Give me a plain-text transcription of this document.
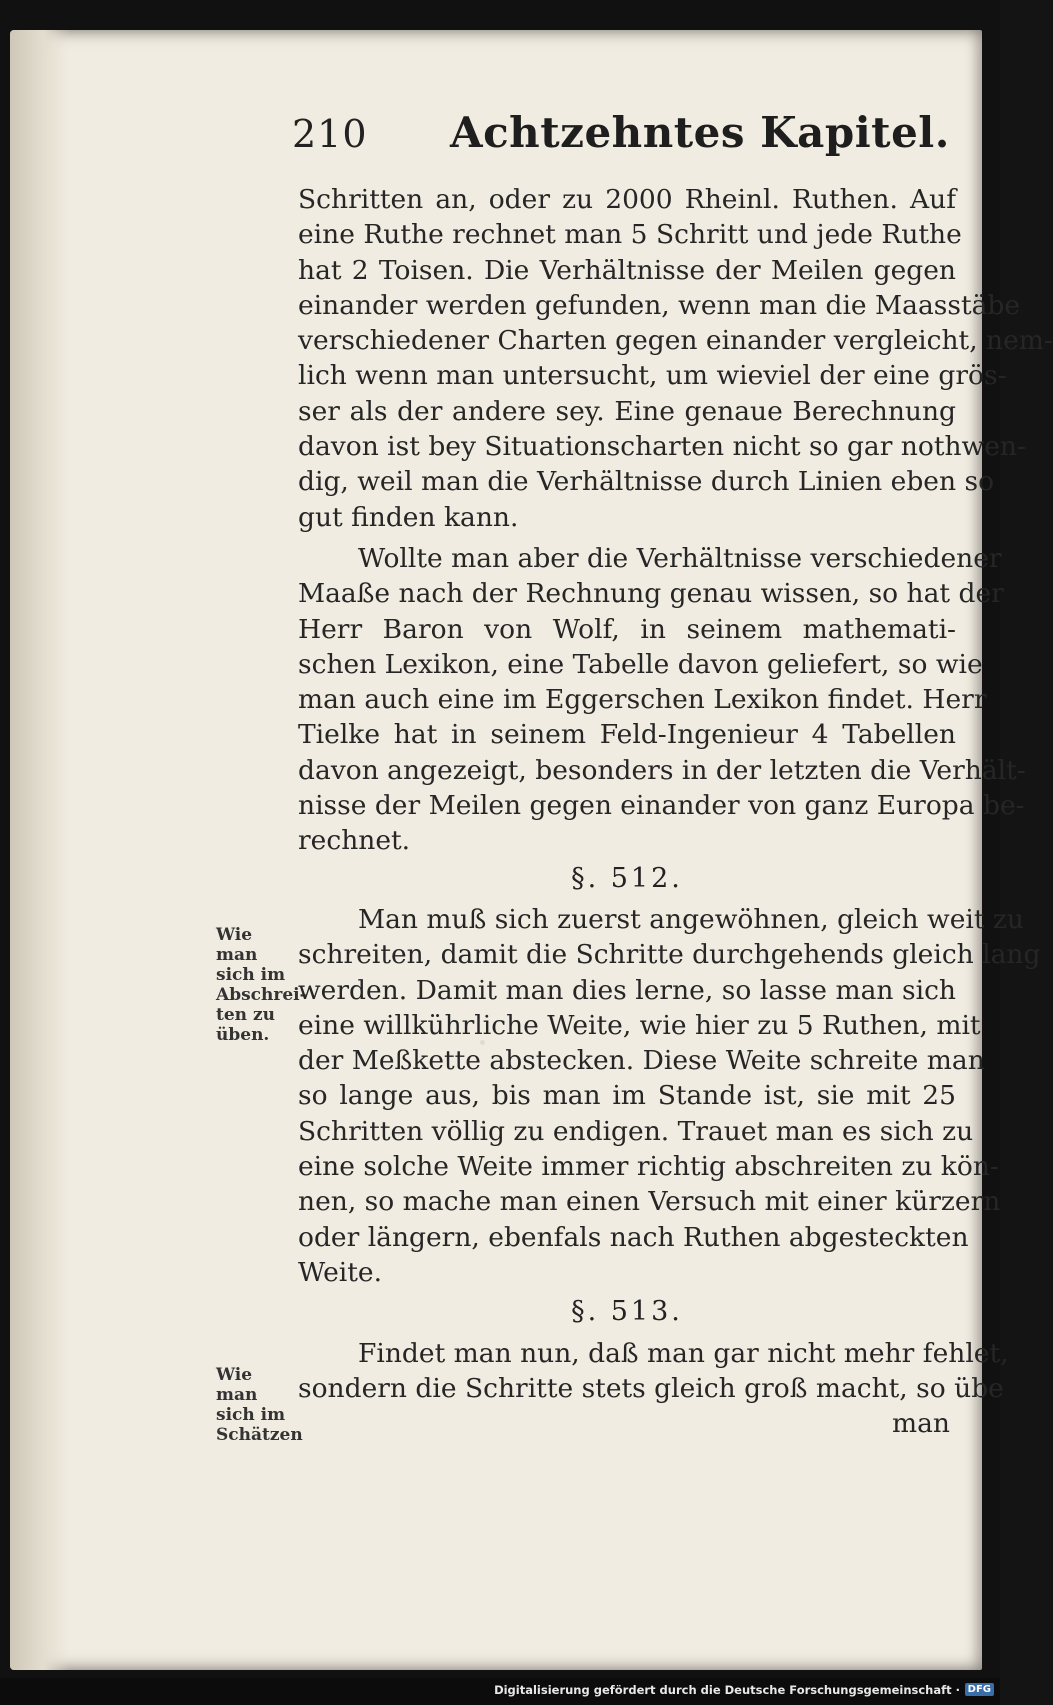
210 Achtzehntes Kapitel.
Wie man
sich im
Abschrei-
ten zu
üben.
Wie man
sich im
Schätzen
Schritten an, oder zu 2000 Rheinl. Ruthen. Auf
eine Ruthe rechnet man 5 Schritt und jede Ruthe
hat 2 Toisen. Die Verhältnisse der Meilen gegen
einander werden gefunden, wenn man die Maasstäbe
verschiedener Charten gegen einander vergleicht, nem-
lich wenn man untersucht, um wieviel der eine grös-
ser als der andere sey. Eine genaue Berechnung
davon ist bey Situationscharten nicht so gar nothwen-
dig, weil man die Verhältnisse durch Linien eben so
gut finden kann.
Wollte man aber die Verhältnisse verschiedener
Maaße nach der Rechnung genau wissen, so hat der
Herr Baron von Wolf, in seinem mathemati-
schen Lexikon, eine Tabelle davon geliefert, so wie
man auch eine im Eggerschen Lexikon findet. Herr
Tielke hat in seinem Feld-Ingenieur 4 Tabellen
davon angezeigt, besonders in der letzten die Verhält-
nisse der Meilen gegen einander von ganz Europa be-
rechnet.
§. 512.
Man muß sich zuerst angewöhnen, gleich weit zu
schreiten, damit die Schritte durchgehends gleich lang
werden. Damit man dies lerne, so lasse man sich
eine willkührliche Weite, wie hier zu 5 Ruthen, mit
der Meßkette abstecken. Diese Weite schreite man
so lange aus, bis man im Stande ist, sie mit 25
Schritten völlig zu endigen. Trauet man es sich zu
eine solche Weite immer richtig abschreiten zu kön-
nen, so mache man einen Versuch mit einer kürzern
oder längern, ebenfals nach Ruthen abgesteckten
Weite.
§. 513.
Findet man nun, daß man gar nicht mehr fehlet,
sondern die Schritte stets gleich groß macht, so übe
man
Digitalisierung gefördert durch die Deutsche Forschungsgemeinschaft · DFG
